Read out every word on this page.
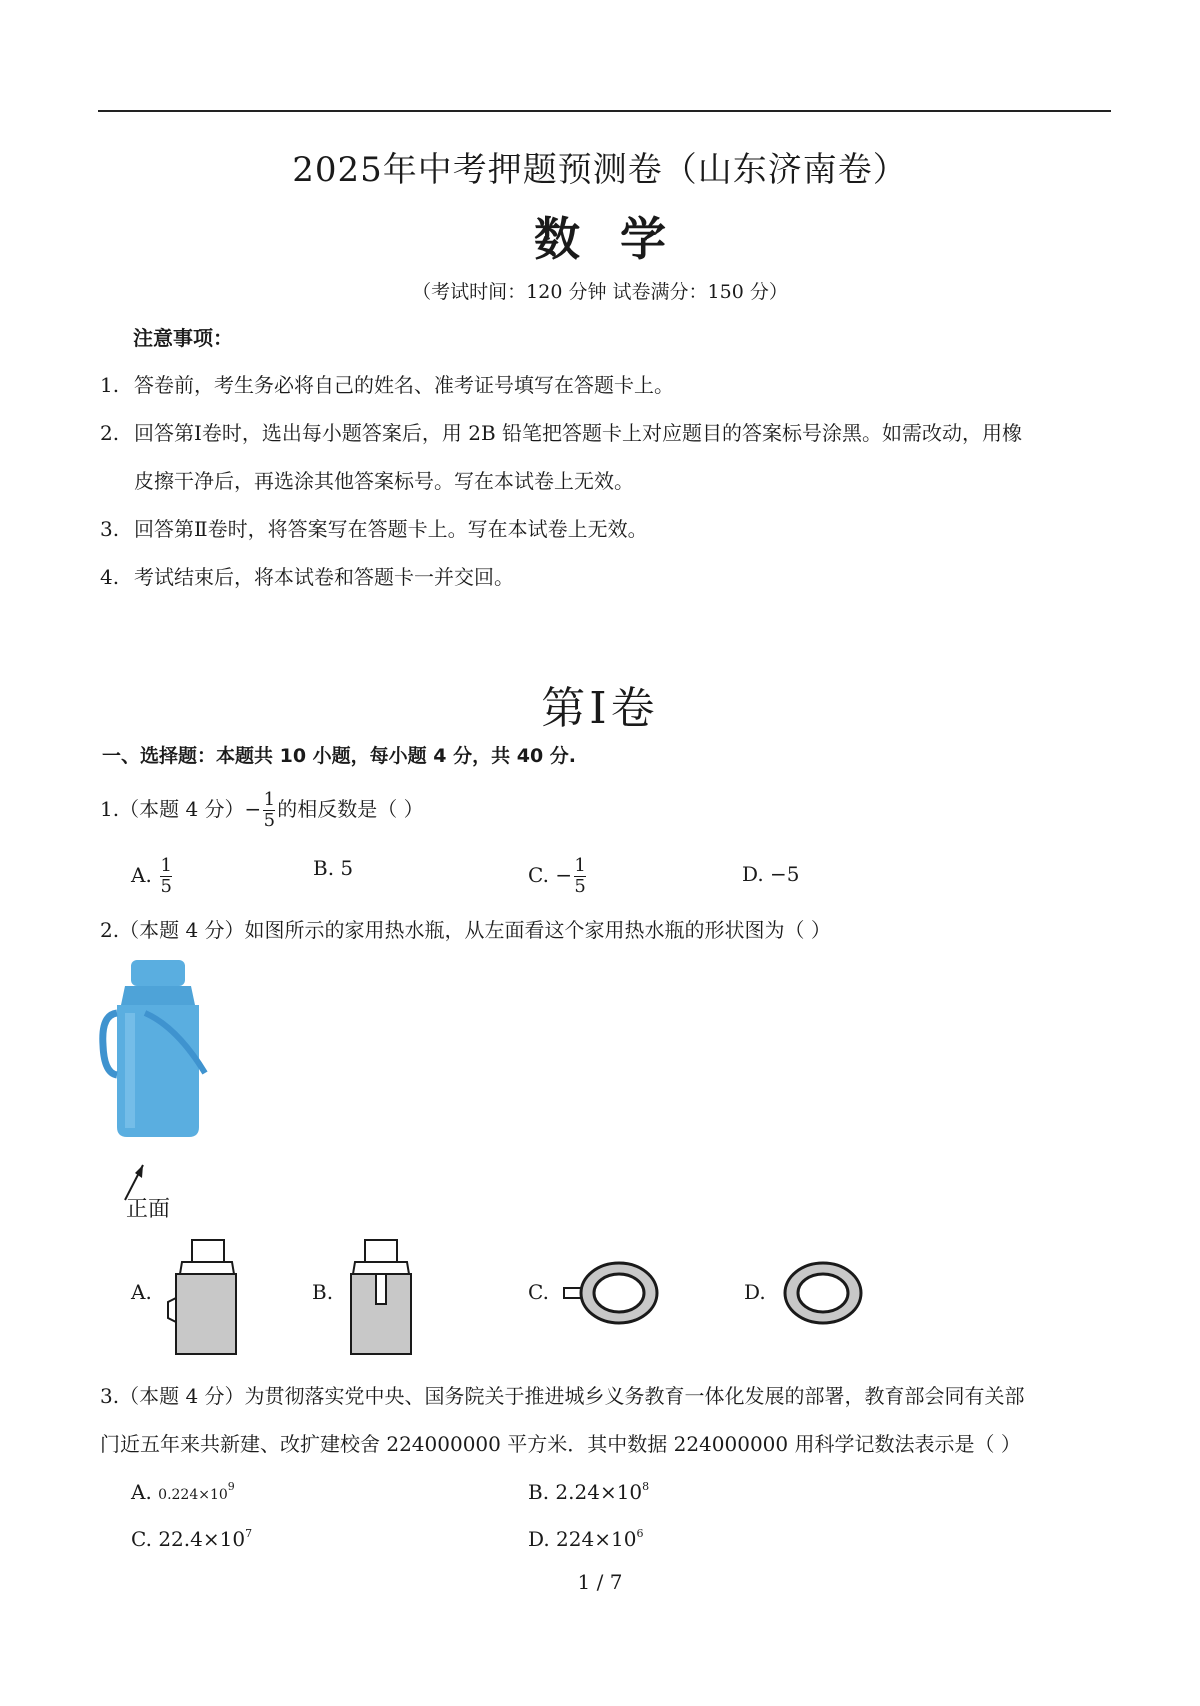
2025年中考押题预测卷（山东济南卷）
数学
（考试时间：120 分钟 试卷满分：150 分）
注意事项：
1. 答卷前，考生务必将自己的姓名、准考证号填写在答题卡上。
2. 回答第Ⅰ卷时，选出每小题答案后，用 2B 铅笔把答题卡上对应题目的答案标号涂黑。如需改动，用橡
皮擦干净后，再选涂其他答案标号。写在本试卷上无效。
3. 回答第Ⅱ卷时，将答案写在答题卡上。写在本试卷上无效。
4. 考试结束后，将本试卷和答题卡一并交回。
第Ⅰ卷
一、选择题：本题共 10 小题，每小题 4 分，共 40 分.
1.（本题 4 分）− $\frac{1}{5}$ 的相反数是（ ）
A. $\frac{1}{5}$	B. 5	C. − $\frac{1}{5}$	D. −5
2.（本题 4 分）如图所示的家用热水瓶，从左面看这个家用热水瓶的形状图为（ ）
正面
A.	B.	C.	D.
3.（本题 4 分）为贯彻落实党中央、国务院关于推进城乡义务教育一体化发展的部署，教育部会同有关部
门近五年来共新建、改扩建校舍 224000000 平方米．其中数据 224000000 用科学记数法表示是（ ）
A. $0.224\times 10^9$	B. $2.24\times 10^8$
C. $22.4\times 10^7$	D. $224\times 10^6$
1 / 7
